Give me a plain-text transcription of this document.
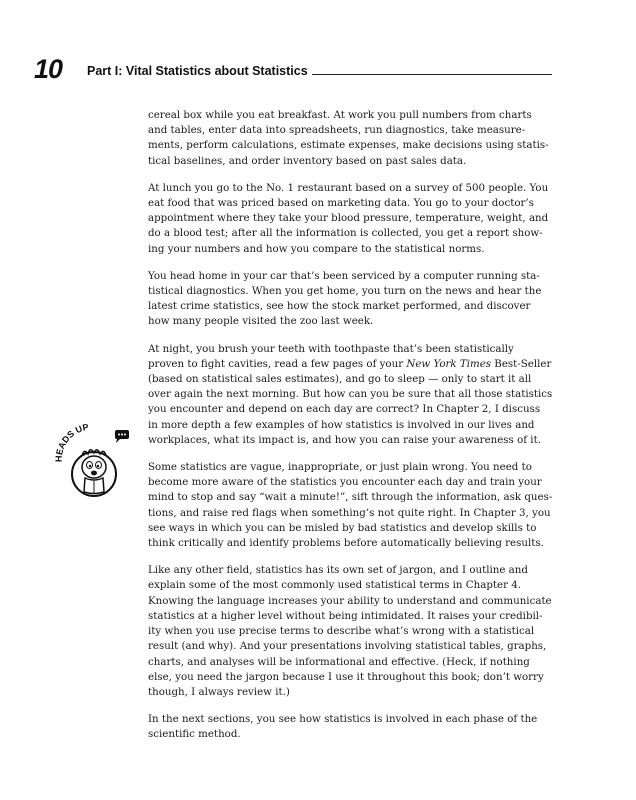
10 Part I: Vital Statistics about Statistics
HEADS UP

cereal box while you eat breakfast. At work you pull numbers from charts
and tables, enter data into spreadsheets, run diagnostics, take measure-
ments, perform calculations, estimate expenses, make decisions using statis-
tical baselines, and order inventory based on past sales data.

At lunch you go to the No. 1 restaurant based on a survey of 500 people. You
eat food that was priced based on marketing data. You go to your doctor’s
appointment where they take your blood pressure, temperature, weight, and
do a blood test; after all the information is collected, you get a report show-
ing your numbers and how you compare to the statistical norms.

You head home in your car that’s been serviced by a computer running sta-
tistical diagnostics. When you get home, you turn on the news and hear the
latest crime statistics, see how the stock market performed, and discover
how many people visited the zoo last week.

At night, you brush your teeth with toothpaste that’s been statistically
proven to fight cavities, read a few pages of your New York Times Best-Seller
(based on statistical sales estimates), and go to sleep — only to start it all
over again the next morning. But how can you be sure that all those statistics
you encounter and depend on each day are correct? In Chapter 2, I discuss
in more depth a few examples of how statistics is involved in our lives and
workplaces, what its impact is, and how you can raise your awareness of it.

Some statistics are vague, inappropriate, or just plain wrong. You need to
become more aware of the statistics you encounter each day and train your
mind to stop and say “wait a minute!”, sift through the information, ask ques-
tions, and raise red flags when something’s not quite right. In Chapter 3, you
see ways in which you can be misled by bad statistics and develop skills to
think critically and identify problems before automatically believing results.

Like any other field, statistics has its own set of jargon, and I outline and
explain some of the most commonly used statistical terms in Chapter 4.
Knowing the language increases your ability to understand and communicate
statistics at a higher level without being intimidated. It raises your credibil-
ity when you use precise terms to describe what’s wrong with a statistical
result (and why). And your presentations involving statistical tables, graphs,
charts, and analyses will be informational and effective. (Heck, if nothing
else, you need the jargon because I use it throughout this book; don’t worry
though, I always review it.)

In the next sections, you see how statistics is involved in each phase of the
scientific method.
